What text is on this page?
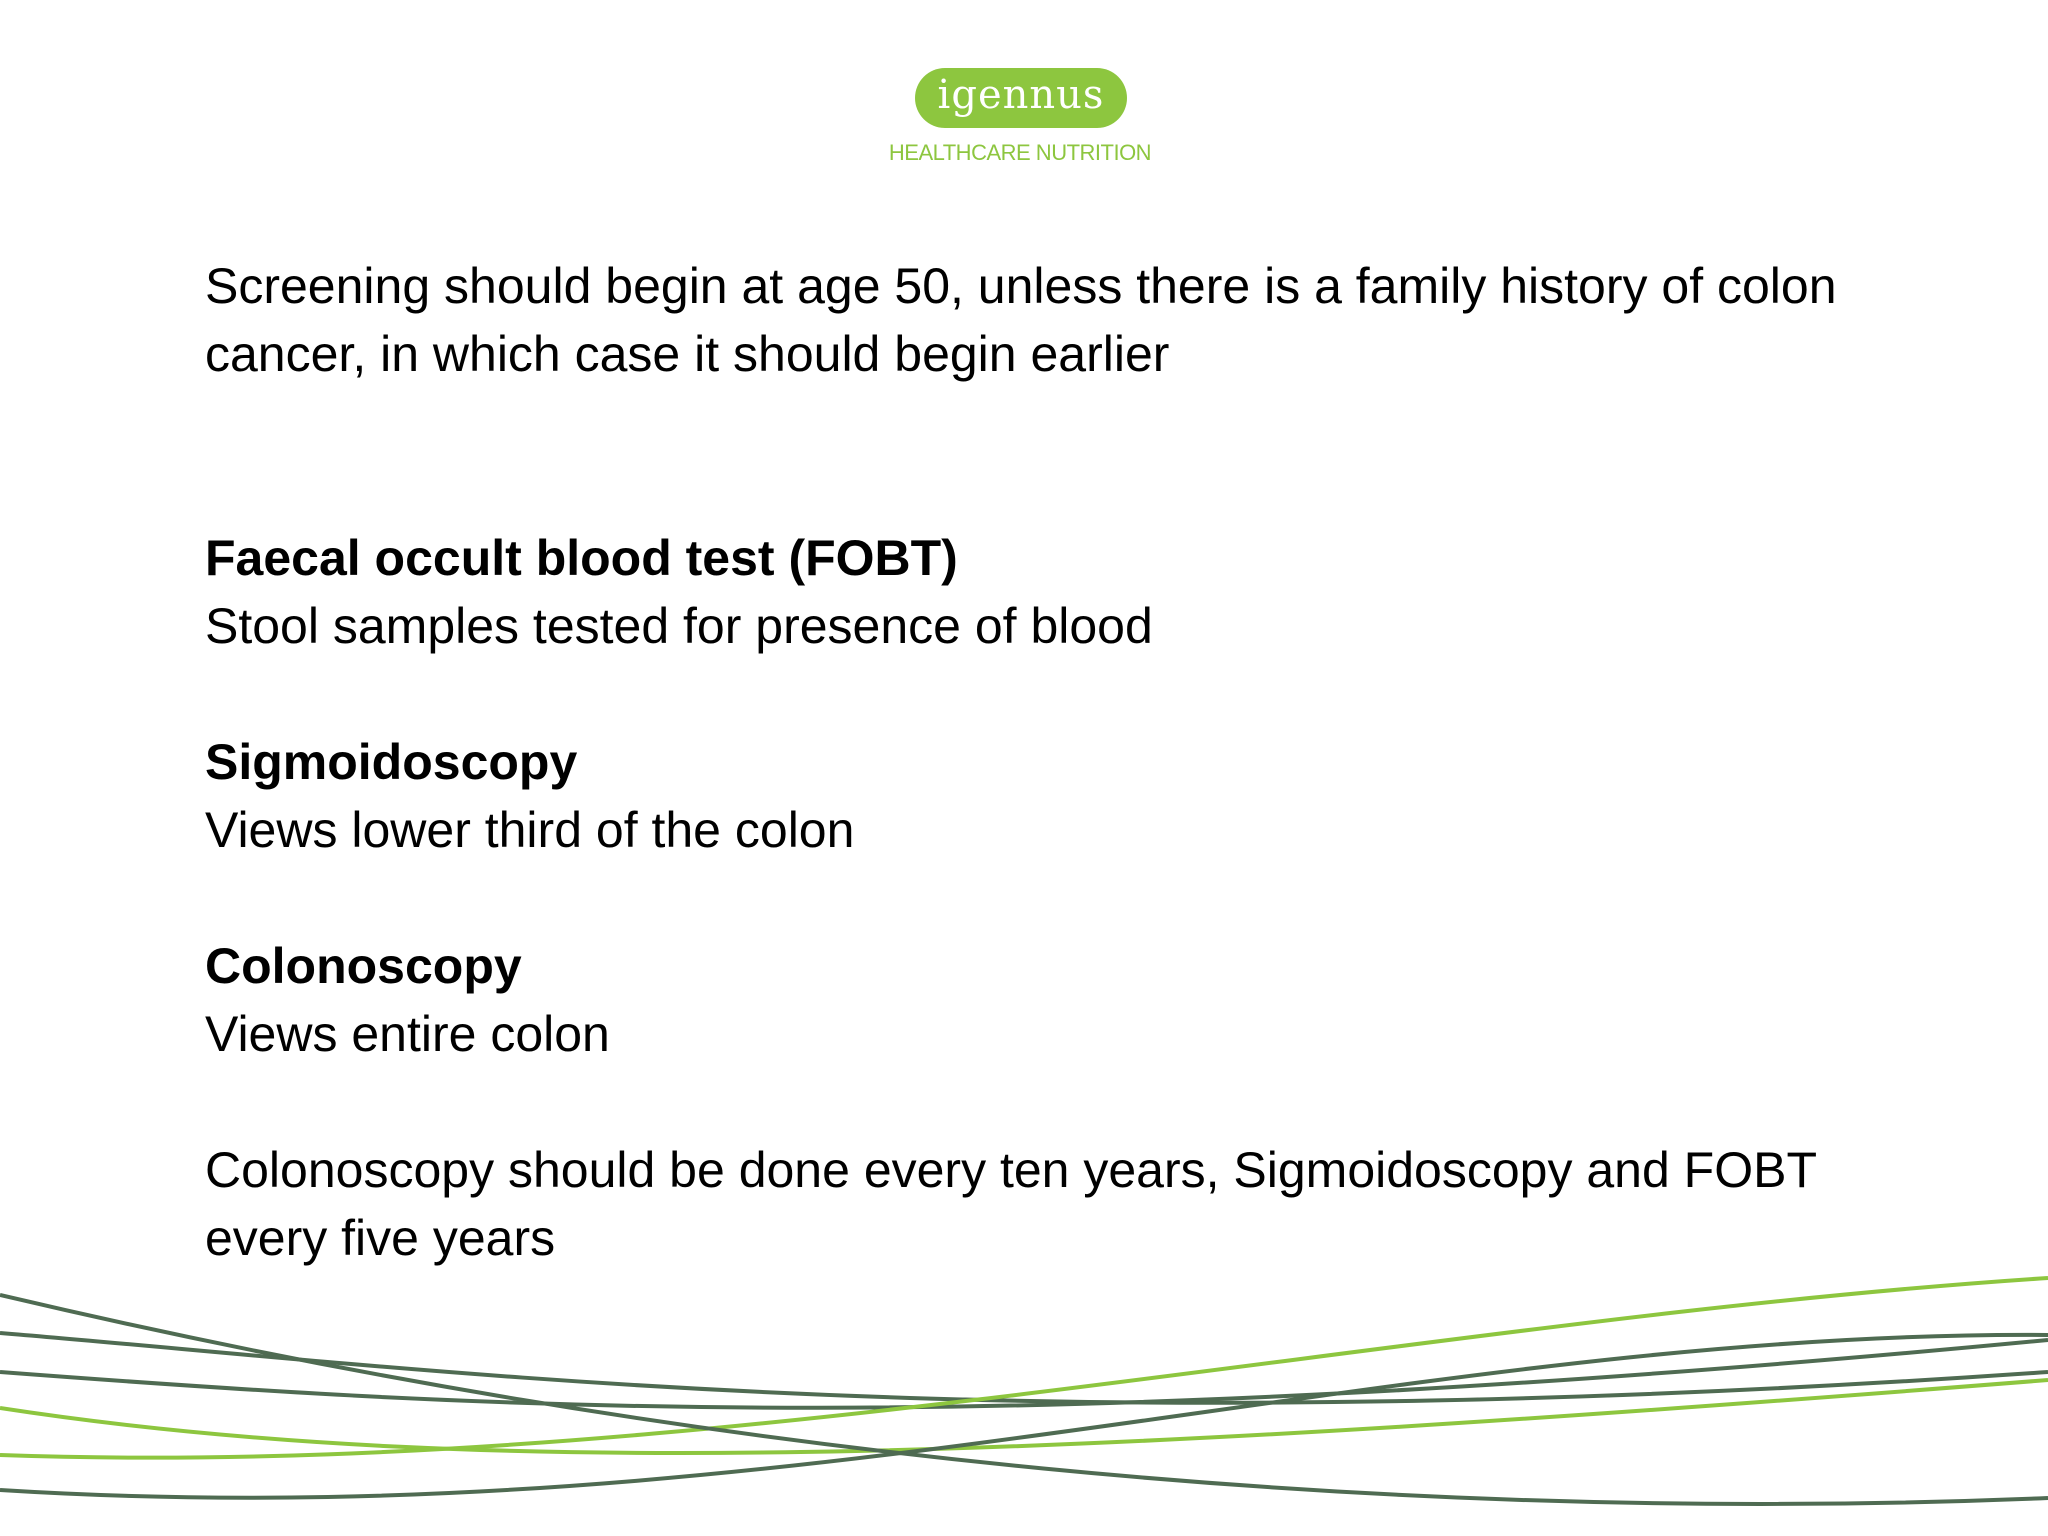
igennus
HEALTHCARE NUTRITION

Screening should begin at age 50, unless there is a family history of colon cancer, in which case it should begin earlier

Faecal occult blood test (FOBT)
Stool samples tested for presence of blood
Sigmoidoscopy
Views lower third of the colon
Colonoscopy
Views entire colon

Colonoscopy should be done every ten years, Sigmoidoscopy and FOBT every five years
